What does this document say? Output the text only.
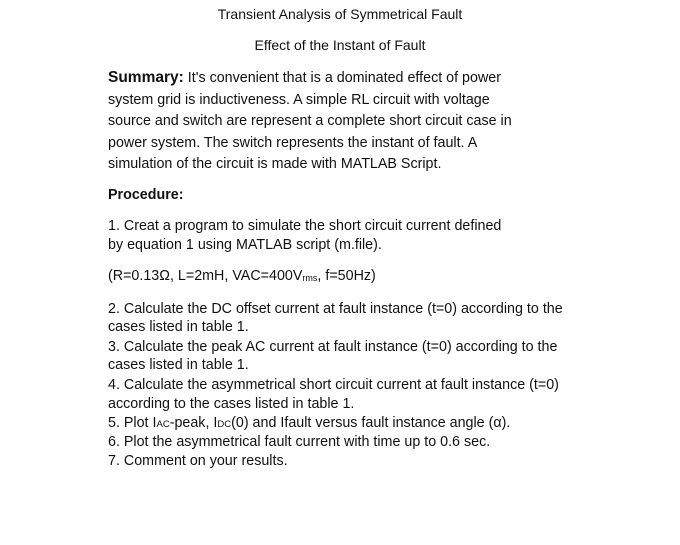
Transient Analysis of Symmetrical Fault
Effect of the Instant of Fault
Summary: It's convenient that is a dominated effect of power
system grid is inductiveness. A simple RL circuit with voltage
source and switch are represent a complete short circuit case in
power system. The switch represents the instant of fault. A
simulation of the circuit is made with MATLAB Script.
Procedure:
1. Creat a program to simulate the short circuit current defined
by equation 1 using MATLAB script (m.file).
(R=0.13Ω, L=2mH, $VAC=400V_{rms}$, f=50Hz)
2. Calculate the DC offset current at fault instance (t=0) according to the
cases listed in table 1.
3. Calculate the peak AC current at fault instance (t=0) according to the
cases listed in table 1.
4. Calculate the asymmetrical short circuit current at fault instance (t=0)
according to the cases listed in table 1.
5. Plot IAC-peak, IDC(0) and Ifault versus fault instance angle (α).
6. Plot the asymmetrical fault current with time up to 0.6 sec.
7. Comment on your results.
